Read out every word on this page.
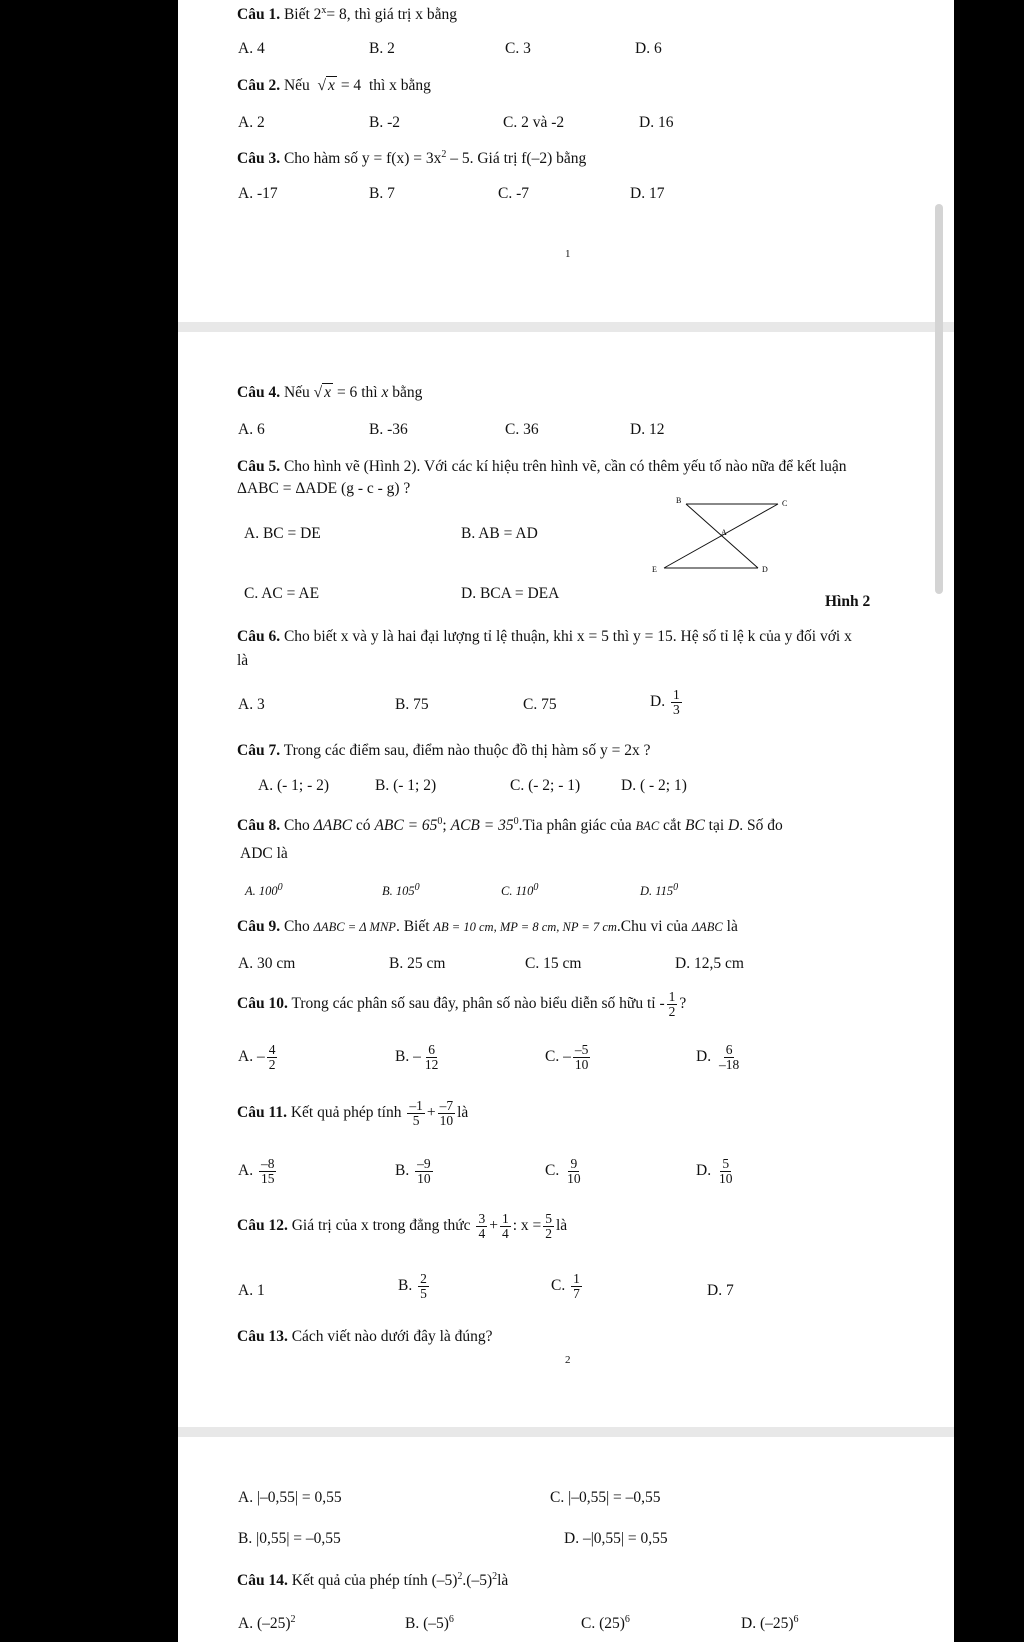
Câu 1. Biết $2^x= 8$, thì giá trị x bằng
A. 4	B. 2	C. 3	D. 6
Câu 2. Nếu  √ x = 4 thì x bằng
A. 2	B. -2	C. 2 và -2	D. 16
Câu 3. Cho hàm số $y = f(x) = 3x^2 - 5$. Giá trị f(–2) bằng
A. -17	B. 7	C. -7	D. 17
1
Câu 4. Nếu √ x = 6 thì x bằng
A. 6	B. -36	C. 36	D. 12
Câu 5. Cho hình vẽ (Hình 2). Với các kí hiệu trên hình vẽ, cần có thêm yếu tố nào nữa để kết luận
ΔABC = ΔADE (g - c - g) ?
A. BC = DE	B. AB = AD
C. AC = AE	D. BCA = DEA
B	C
A
E	D
Hình 2
Câu 6. Cho biết x và y là hai đại lượng tỉ lệ thuận, khi x = 5 thì y = 15. Hệ số tỉ lệ k của y đối với x
là
A. 3	B. 75	C. 75	D. $\frac{1}{3}$
Câu 7. Trong các điểm sau, điểm nào thuộc đồ thị hàm số y = 2x ?
A. (- 1; - 2)	B. (- 1; 2)	C. (- 2; - 1)	D. ( - 2; 1)
Câu 8. Cho ΔABC có ABC = $65^0$; ACB = $35^0.Tia$ phân giác của BAC cắt BC tại D. Số đo
ADC là
A. $100^0$	B. $105^0$	C. $110^0$	D. $115^0$
Câu 9. Cho ΔABC = Δ MNP. Biết AB = 10 cm, MP = 8 cm, NP = 7 cm.Chu vi của ΔABC là
A. 30 cm	B. 25 cm	C. 15 cm	D. 12,5 cm
Câu 10. Trong các phân số sau đây, phân số nào biểu diễn số hữu tỉ - $\frac{1}{2}$ ?
A. – $\frac{4}{2}$	B. – $\frac{6}{12}$	C. – $\frac{-5}{10}$	D. $\frac{6}{-18}$
Câu 11. Kết quả phép tính $\frac{-1}{5} + \frac{-7}{10}$ là
A. $\frac{-8}{15}$	B. $\frac{-9}{10}$	C. $\frac{9}{10}$	D. $\frac{5}{10}$
Câu 12. Giá trị của x trong đẳng thức $\frac{3}{4} + \frac{1}{4}$ : $x = \frac{5}{2}$ là
A. 1	B. $\frac{2}{5}$	C. $\frac{1}{7}$	D. 7
Câu 13. Cách viết nào dưới đây là đúng?
2
A. |–0,55| = 0,55	C. |–0,55| = –0,55
B. |0,55| = –0,55	D. –|0,55| = 0,55
Câu 14. Kết quả của phép tính $(-5)^2.(-5)^2là$
A. $(-25)^2$	B. $(-5)^6$	C. $(25)^6$	D. $(-25)^6$
